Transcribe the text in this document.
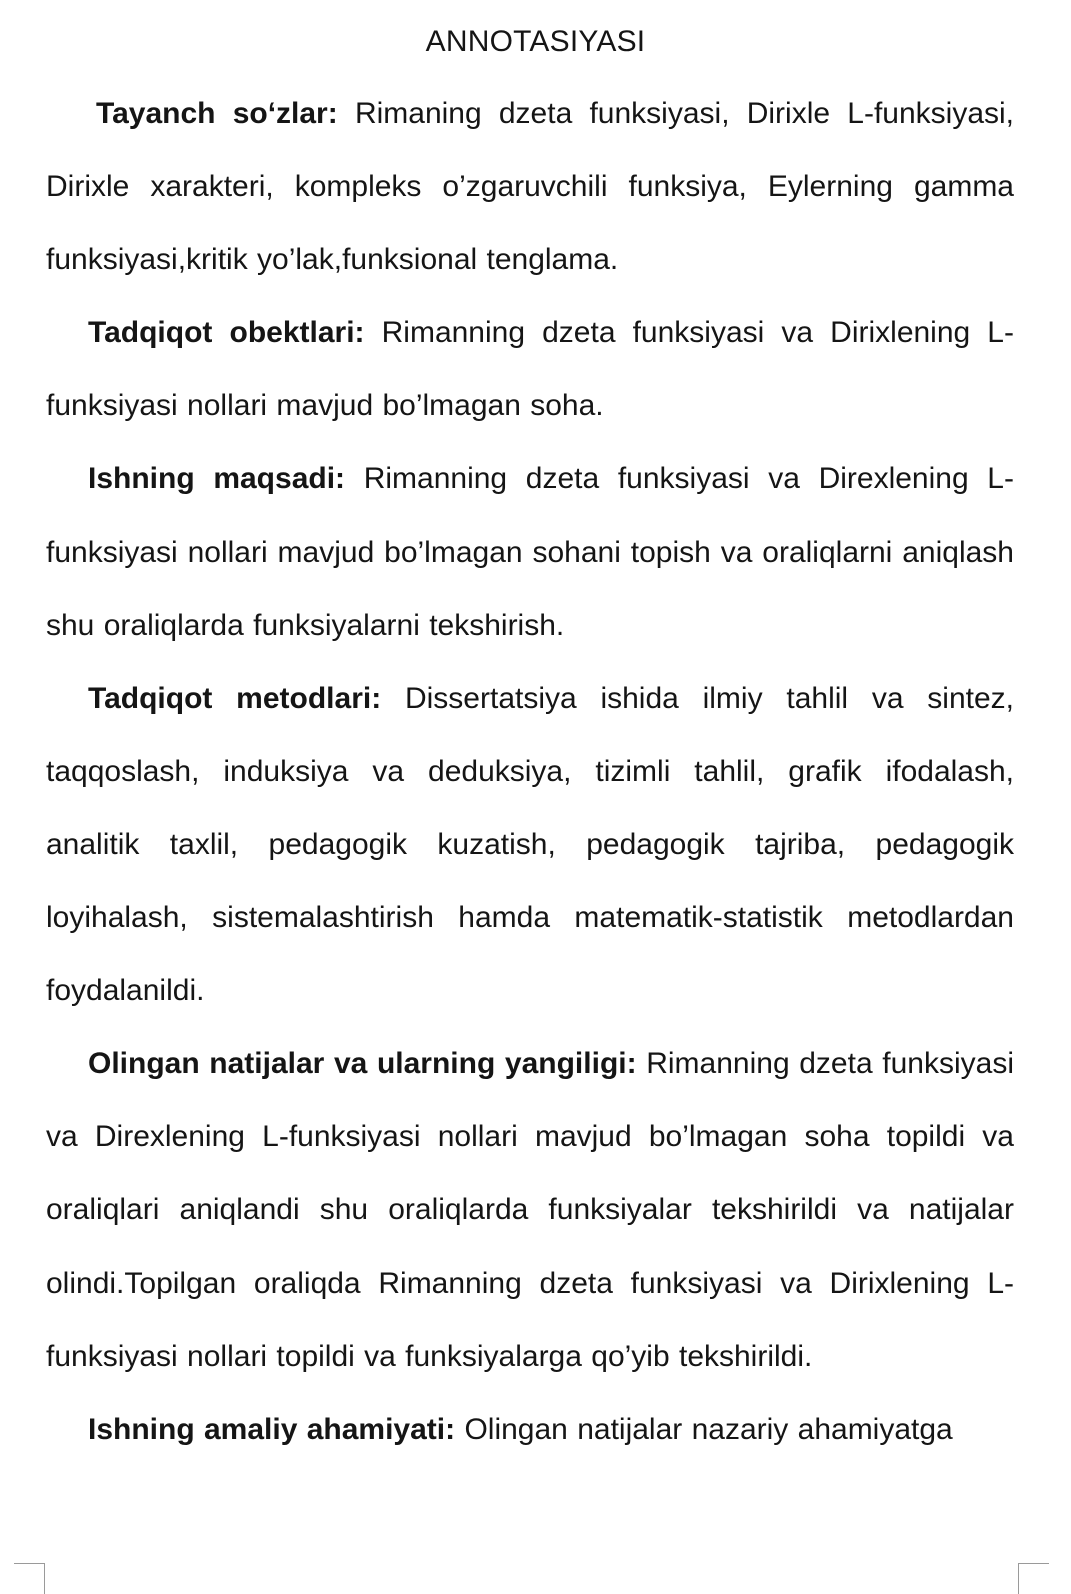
ANNOTASIYASI

Tayanch so‘zlar: Rimaning dzeta funksiyasi, Dirixle L-funksiyasi, Dirixle xarakteri, kompleks o’zgaruvchili funksiya, Eylerning gamma funksiyasi,kritik yo’lak,funksional tenglama.

Tadqiqot obektlari: Rimanning dzeta funksiyasi va Dirixlening L-funksiyasi nollari mavjud bo’lmagan soha.

Ishning maqsadi: Rimanning dzeta funksiyasi va Direxlening L-funksiyasi nollari mavjud bo’lmagan sohani topish va oraliqlarni aniqlash shu oraliqlarda funksiyalarni tekshirish.

Tadqiqot metodlari: Dissertatsiya ishida ilmiy tahlil va sintez, taqqoslash, induksiya va deduksiya, tizimli tahlil, grafik ifodalash, analitik taxlil, pedagogik kuzatish, pedagogik tajriba, pedagogik loyihalash, sistemalashtirish hamda matematik-statistik metodlardan foydalanildi.

Olingan natijalar va ularning yangiligi: Rimanning dzeta funksiyasi va Direxlening L-funksiyasi nollari mavjud bo’lmagan soha topildi va oraliqlari aniqlandi shu oraliqlarda funksiyalar tekshirildi va natijalar olindi.Topilgan oraliqda Rimanning dzeta funksiyasi va Dirixlening L-funksiyasi nollari topildi va funksiyalarga qo’yib tekshirildi.

Ishning amaliy ahamiyati: Olingan natijalar nazariy ahamiyatga
